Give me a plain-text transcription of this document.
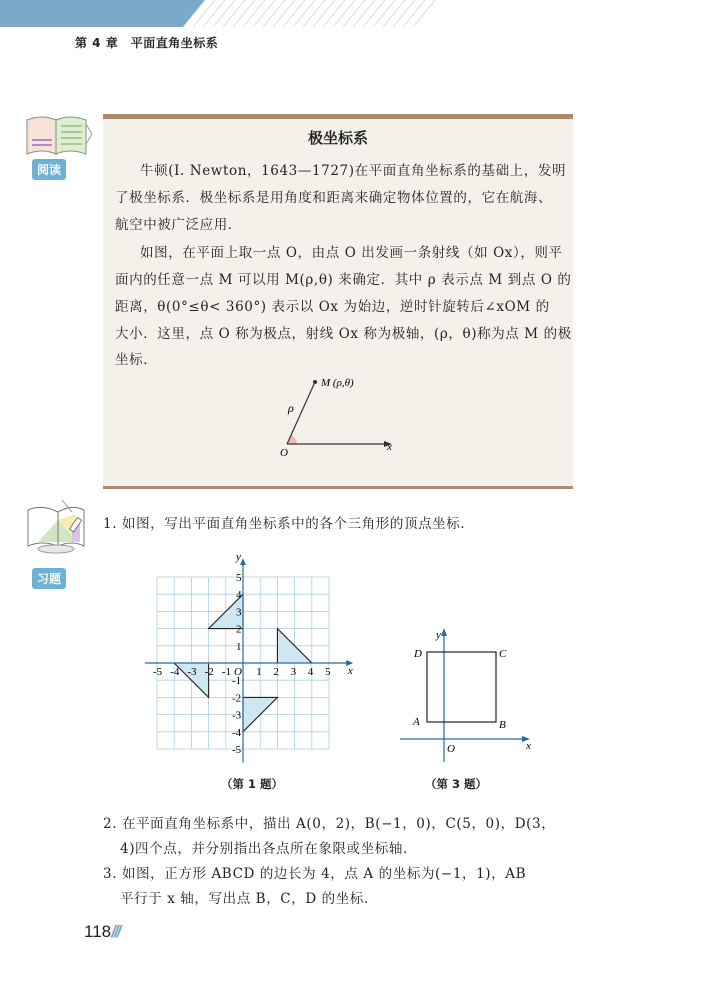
第 4 章　平面直角坐标系
阅读
极坐标系
牛顿(I. Newton，1643—1727)在平面直角坐标系的基础上，发明
了极坐标系．极坐标系是用角度和距离来确定物体位置的，它在航海、
航空中被广泛应用．
如图，在平面上取一点 O，由点 O 出发画一条射线（如 Ox），则平
面内的任意一点 M 可以用 M(ρ,θ) 来确定．其中 ρ 表示点 M 到点 O 的
距离，θ(0°≤θ< 360°) 表示以 Ox 为始边，逆时针旋转后∠xOM 的
大小．这里，点 O 称为极点，射线 Ox 称为极轴，(ρ，θ)称为点 M 的极
坐标．
M (ρ,θ)
ρ
O	x
习题
1. 如图，写出平面直角坐标系中的各个三角形的顶点坐标．
-5 -4 -3 -2 -1 1 2 3 4 5
5
4
3
2
1
-1
-2
-3
-4
-5
O	x
y
（第 1 题）
A	B
C
D
O	x
y
（第 3 题）
2. 在平面直角坐标系中，描出 A(0，2)，B(−1，0)，C(5，0)，D(3，
4)四个点，并分别指出各点所在象限或坐标轴．
3. 如图，正方形 ABCD 的边长为 4，点 A 的坐标为(−1，1)，AB
平行于 x 轴，写出点 B，C，D 的坐标．
118///
